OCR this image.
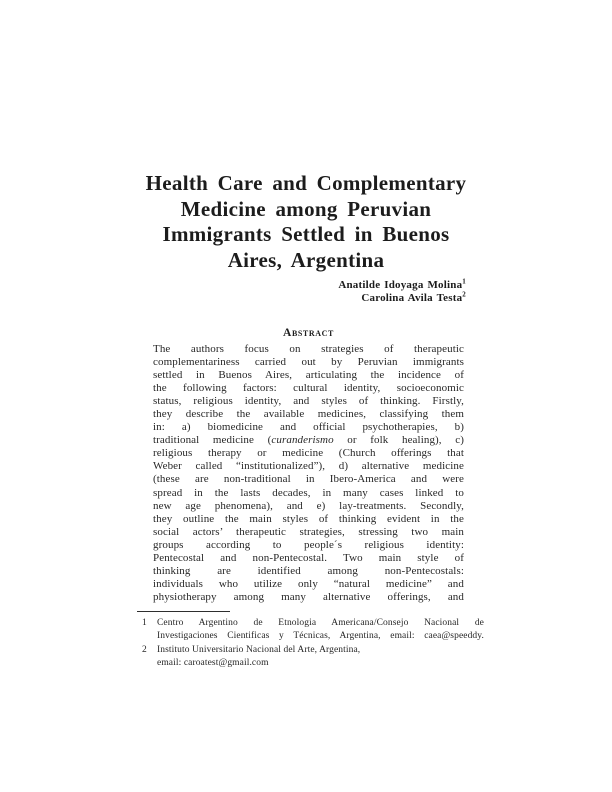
Health Care and Complementary
Medicine among Peruvian
Immigrants Settled in Buenos
Aires, Argentina
Anatilde Idoyaga Molina$^1$
Carolina Avila Testa$^2$
Abstract
The authors focus on strategies of therapeutic
complementariness carried out by Peruvian immigrants
settled in Buenos Aires, articulating the incidence of
the following factors: cultural identity, socioeconomic
status, religious identity, and styles of thinking. Firstly,
they describe the available medicines, classifying them
in: a) biomedicine and official psychotherapies, b)
traditional medicine (curanderismo or folk healing), c)
religious therapy or medicine (Church offerings that
Weber called “institutionalized”), d) alternative medicine
(these are non-traditional in Ibero-America and were
spread in the lasts decades, in many cases linked to
new age phenomena), and e) lay-treatments. Secondly,
they outline the main styles of thinking evident in the
social actors’ therapeutic strategies, stressing two main
groups according to people´s religious identity:
Pentecostal and non-Pentecostal. Two main style of
thinking are identified among non-Pentecostals:
individuals who utilize only “natural medicine” and
physiotherapy among many alternative offerings, and
1 Centro Argentino de Etnologia Americana/Consejo Nacional de
Investigaciones Cientificas y Técnicas, Argentina, email: caea@speeddy.
2 Instituto Universitario Nacional del Arte, Argentina,
email: caroatest@gmail.com
